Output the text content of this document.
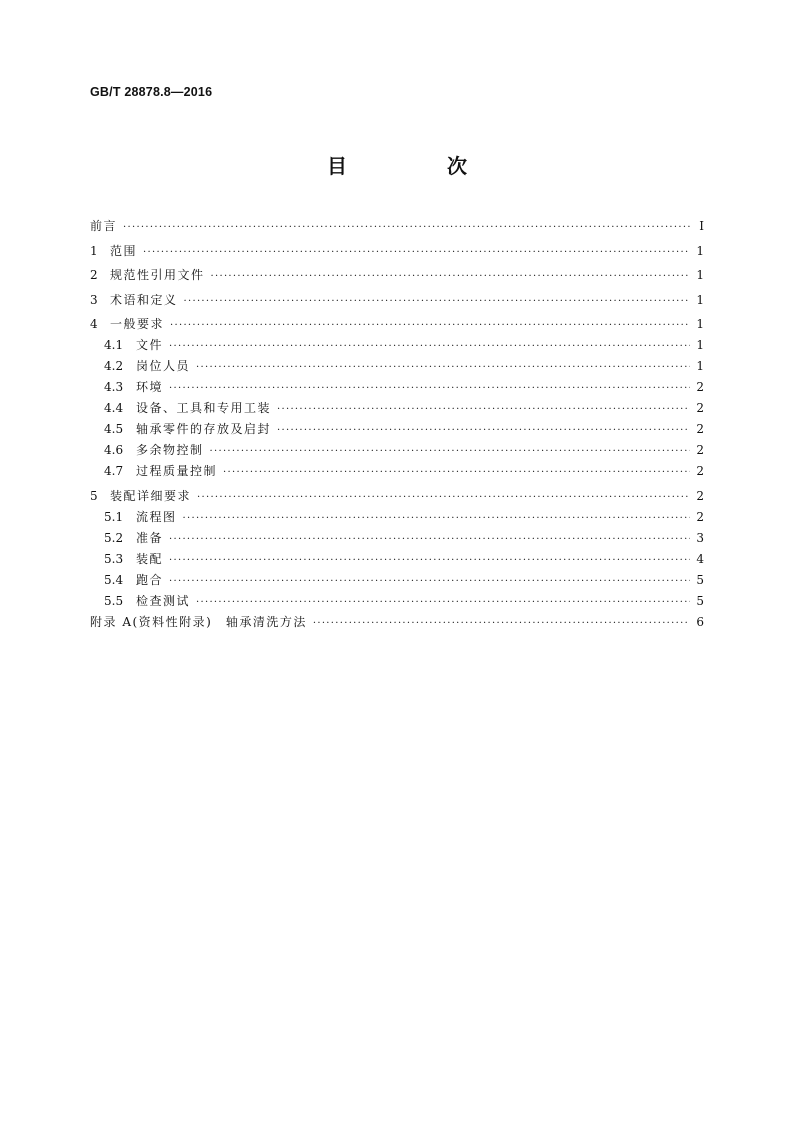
GB/T 28878.8—2016
目　次
前言 ·····	Ⅰ
1	范围 ·····	1
2	规范性引用文件 ·····	1
3	术语和定义 ·····	1
4	一般要求 ·····	1
4.1	文件 ·····	1
4.2	岗位人员 ·····	1
4.3	环境 ·····	2
4.4	设备、工具和专用工装 ·····	2
4.5	轴承零件的存放及启封 ·····	2
4.6	多余物控制 ·····	2
4.7	过程质量控制 ·····	2
5	装配详细要求 ·····	2
5.1	流程图 ·····	2
5.2	准备 ·····	3
5.3	装配 ·····	4
5.4	跑合 ·····	5
5.5	检查测试 ·····	5
附录 A(资料性附录)　轴承清洗方法 ·····	6
